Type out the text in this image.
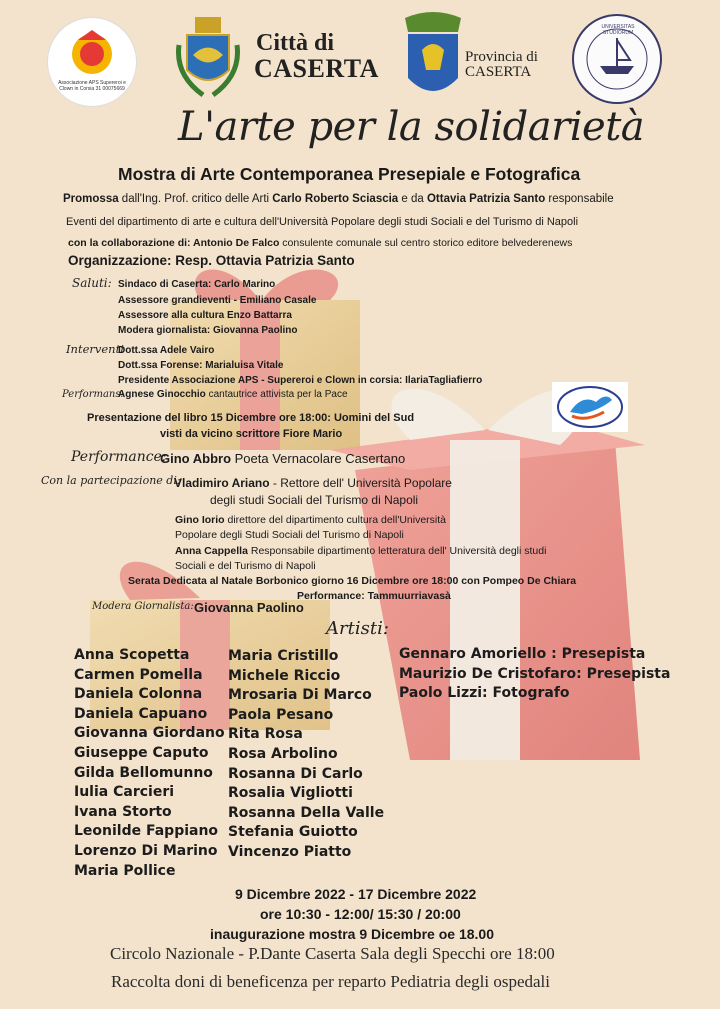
Associazione APS Supereroi e Clown in Corsia 31 00075669
Città di
CASERTA	Provincia di
CASERTA
UNIVERSITAS STUDIORUM
L'arte per la solidarietà
Mostra di Arte Contemporanea Presepiale e Fotografica
Promossa dall'Ing. Prof. critico delle Arti Carlo Roberto Sciascia e da Ottavia Patrizia Santo responsabile
Eventi del dipartimento di arte e cultura dell'Università Popolare degli studi Sociali e del Turismo di Napoli
con la collaborazione di: Antonio De Falco consulente comunale sul centro storico editore belvederenews
Organizzazione: Resp. Ottavia Patrizia Santo
Saluti: Sindaco di Caserta: Carlo Marino
Assessore grandieventi - Emiliano Casale
Assessore alla cultura Enzo Battarra
Modera giornalista: Giovanna Paolino
Interventi
Dott.ssa Adele Vairo
Dott.ssa Forense: Marialuisa Vitale
Presidente Associazione APS - Supereroi e Clown in corsia: IlariaTagliafierro
Performans:
Agnese Ginocchio cantautrice attivista per la Pace
Presentazione del libro 15 Dicembre ore 18:00: Uomini del Sud
visti da vicino scrittore Fiore Mario
Performance:
Gino Abbro Poeta Vernacolare Casertano
Con la partecipazione di:
Vladimiro Ariano - Rettore dell' Università Popolare
degli studi Sociali del Turismo di Napoli
Gino Iorio direttore del dipartimento cultura dell'Università
Popolare degli Studi Sociali del Turismo di Napoli
Anna Cappella Responsabile dipartimento letteratura dell' Università degli studi
Sociali e del Turismo di Napoli
Serata Dedicata al Natale Borbonico giorno 16 Dicembre ore 18:00 con Pompeo De Chiara
Performance: Tammuurriavasà
Modera Giornalista: Giovanna Paolino
Artisti:
Anna Scopetta
Carmen Pomella
Daniela Colonna
Daniela Capuano
Giovanna Giordano
Giuseppe Caputo
Gilda Bellomunno
Iulia Carcieri
Ivana Storto
Leonilde Fappiano
Lorenzo Di Marino
Maria Pollice
Maria Cristillo
Michele Riccio
Mrosaria Di Marco
Paola Pesano
Rita Rosa
Rosa Arbolino
Rosanna Di Carlo
Rosalia Vigliotti
Rosanna Della Valle
Stefania Guiotto
Vincenzo Piatto
Gennaro Amoriello : Presepista
Maurizio De Cristofaro: Presepista
Paolo Lizzi: Fotografo
9 Dicembre 2022 - 17 Dicembre 2022
ore 10:30 - 12:00/ 15:30 / 20:00
inaugurazione mostra 9 Dicembre oe 18.00
Circolo Nazionale - P.Dante Caserta Sala degli Specchi ore 18:00
Raccolta doni di beneficenza per reparto Pediatria degli ospedali
